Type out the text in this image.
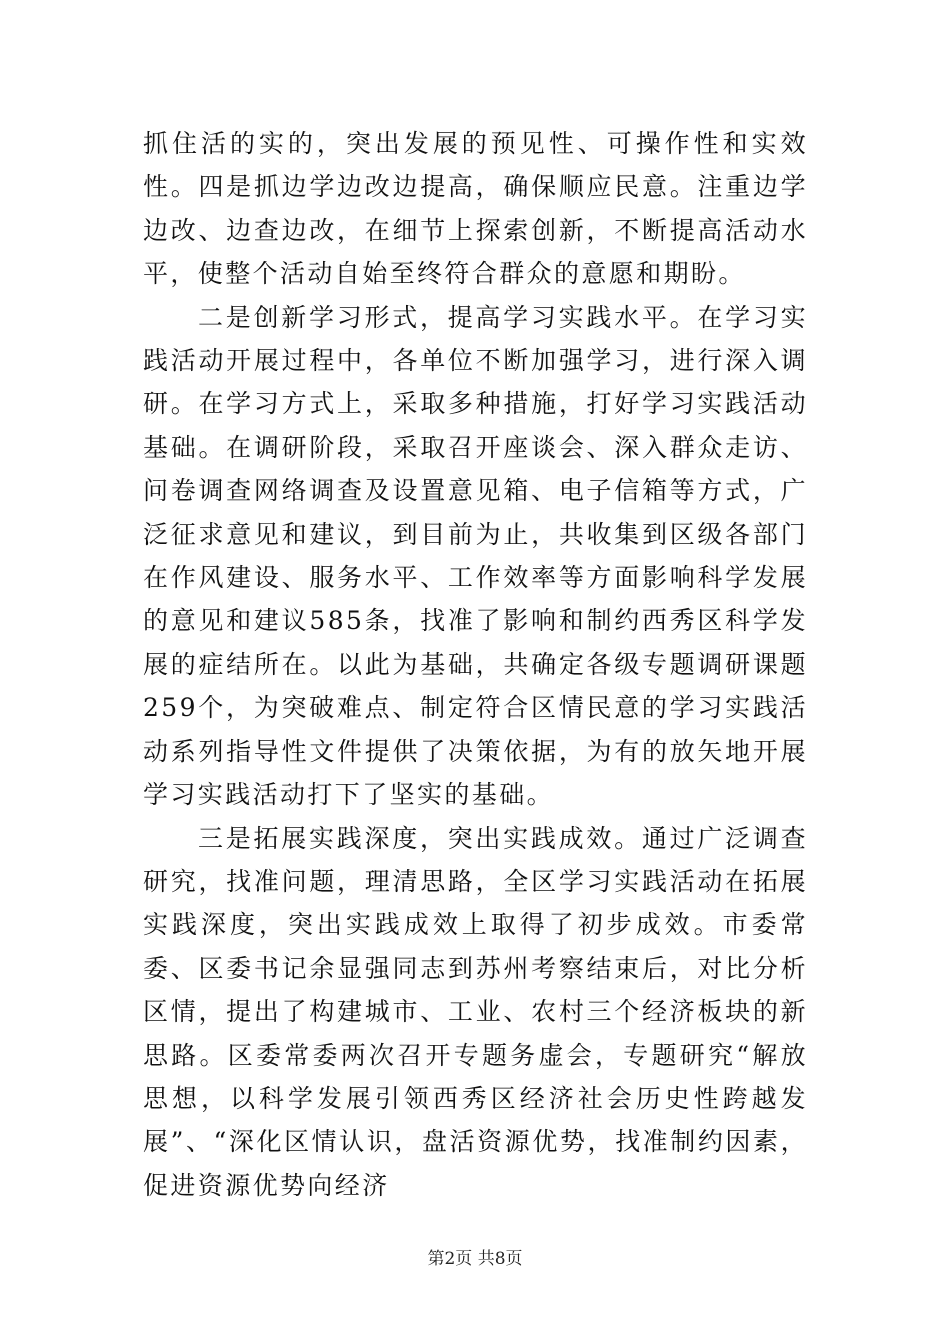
抓住活的实的，突出发展的预见性、可操作性和实效性。四是抓边学边改边提高，确保顺应民意。注重边学边改、边查边改，在细节上探索创新，不断提高活动水平，使整个活动自始至终符合群众的意愿和期盼。

二是创新学习形式，提高学习实践水平。在学习实践活动开展过程中，各单位不断加强学习，进行深入调研。在学习方式上，采取多种措施，打好学习实践活动基础。在调研阶段，采取召开座谈会、深入群众走访、问卷调查网络调查及设置意见箱、电子信箱等方式，广泛征求意见和建议，到目前为止，共收集到区级各部门在作风建设、服务水平、工作效率等方面影响科学发展的意见和建议585条，找准了影响和制约西秀区科学发展的症结所在。以此为基础，共确定各级专题调研课题259个，为突破难点、制定符合区情民意的学习实践活动系列指导性文件提供了决策依据，为有的放矢地开展学习实践活动打下了坚实的基础。

三是拓展实践深度，突出实践成效。通过广泛调查研究，找准问题，理清思路，全区学习实践活动在拓展实践深度，突出实践成效上取得了初步成效。市委常委、区委书记余显强同志到苏州考察结束后，对比分析区情，提出了构建城市、工业、农村三个经济板块的新思路。区委常委两次召开专题务虚会，专题研究“解放思想，以科学发展引领西秀区经济社会历史性跨越发展”、“深化区情认识，盘活资源优势，找准制约因素，促进资源优势向经济

第2页 共8页
